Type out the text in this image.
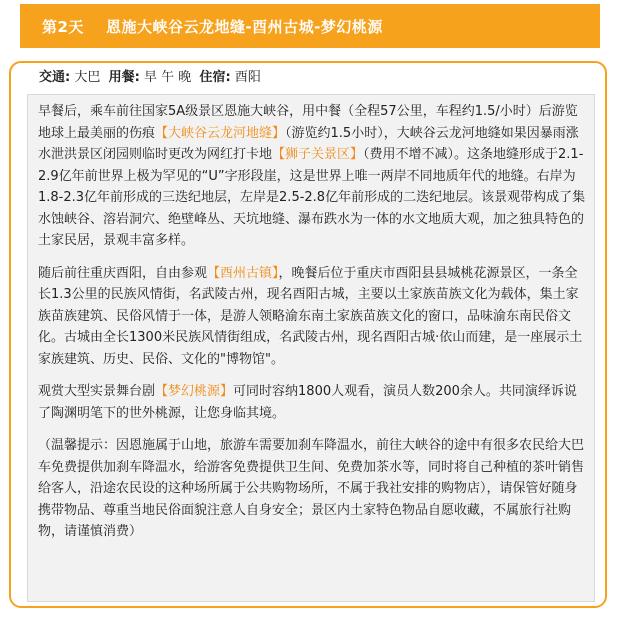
第2天 恩施大峡谷云龙地缝-酉州古城-梦幻桃源
交通: 大巴 用餐: 早 午 晚 住宿: 酉阳
早餐后，乘车前往国家5A级景区恩施大峡谷，用中餐（全程57公里，车程约1.5/小时）后游览地球上最美丽的伤痕【大峡谷云龙河地缝】（游览约1.5小时），大峡谷云龙河地缝如果因暴雨涨水泄洪景区闭园则临时更改为网红打卡地【狮子关景区】（费用不增不减）。这条地缝形成于2.1-2.9亿年前世界上极为罕见的“U”字形段崖，这是世界上唯一两岸不同地质年代的地缝。右岸为1.8-2.3亿年前形成的三迭纪地层，左岸是2.5-2.8亿年前形成的二迭纪地层。该景观带构成了集水蚀峡谷、溶岩洞穴、绝壁峰丛、天坑地缝、瀑布跌水为一体的水文地质大观，加之独具特色的土家民居，景观丰富多样。
随后前往重庆酉阳，自由参观【酉州古镇】，晚餐后位于重庆市酉阳县县城桃花源景区，一条全长1.3公里的民族风情街，名武陵古州，现名酉阳古城，主要以土家族苗族文化为载体，集土家族苗族建筑、民俗风情于一体，是游人领略渝东南土家族苗族文化的窗口，品味渝东南民俗文化。古城由全长1300米民族风情街组成，名武陵古州，现名酉阳古城·依山而建，是一座展示土家族建筑、历史、民俗、文化的"博物馆"。
观赏大型实景舞台剧【梦幻桃源】可同时容纳1800人观看，演员人数200余人。共同演绎诉说 了陶渊明笔下的世外桃源，让您身临其境。
（温馨提示：因恩施属于山地，旅游车需要加刹车降温水，前往大峡谷的途中有很多农民给大巴车免费提供加刹车降温水，给游客免费提供卫生间、免费加茶水等，同时将自己种植的茶叶销售给客人，沿途农民设的这种场所属于公共购物场所，不属于我社安排的购物店），请保管好随身携带物品、尊重当地民俗面貌注意人自身安全；景区内土家特色物品自愿收藏，不属旅行社购物，请谨慎消费）
